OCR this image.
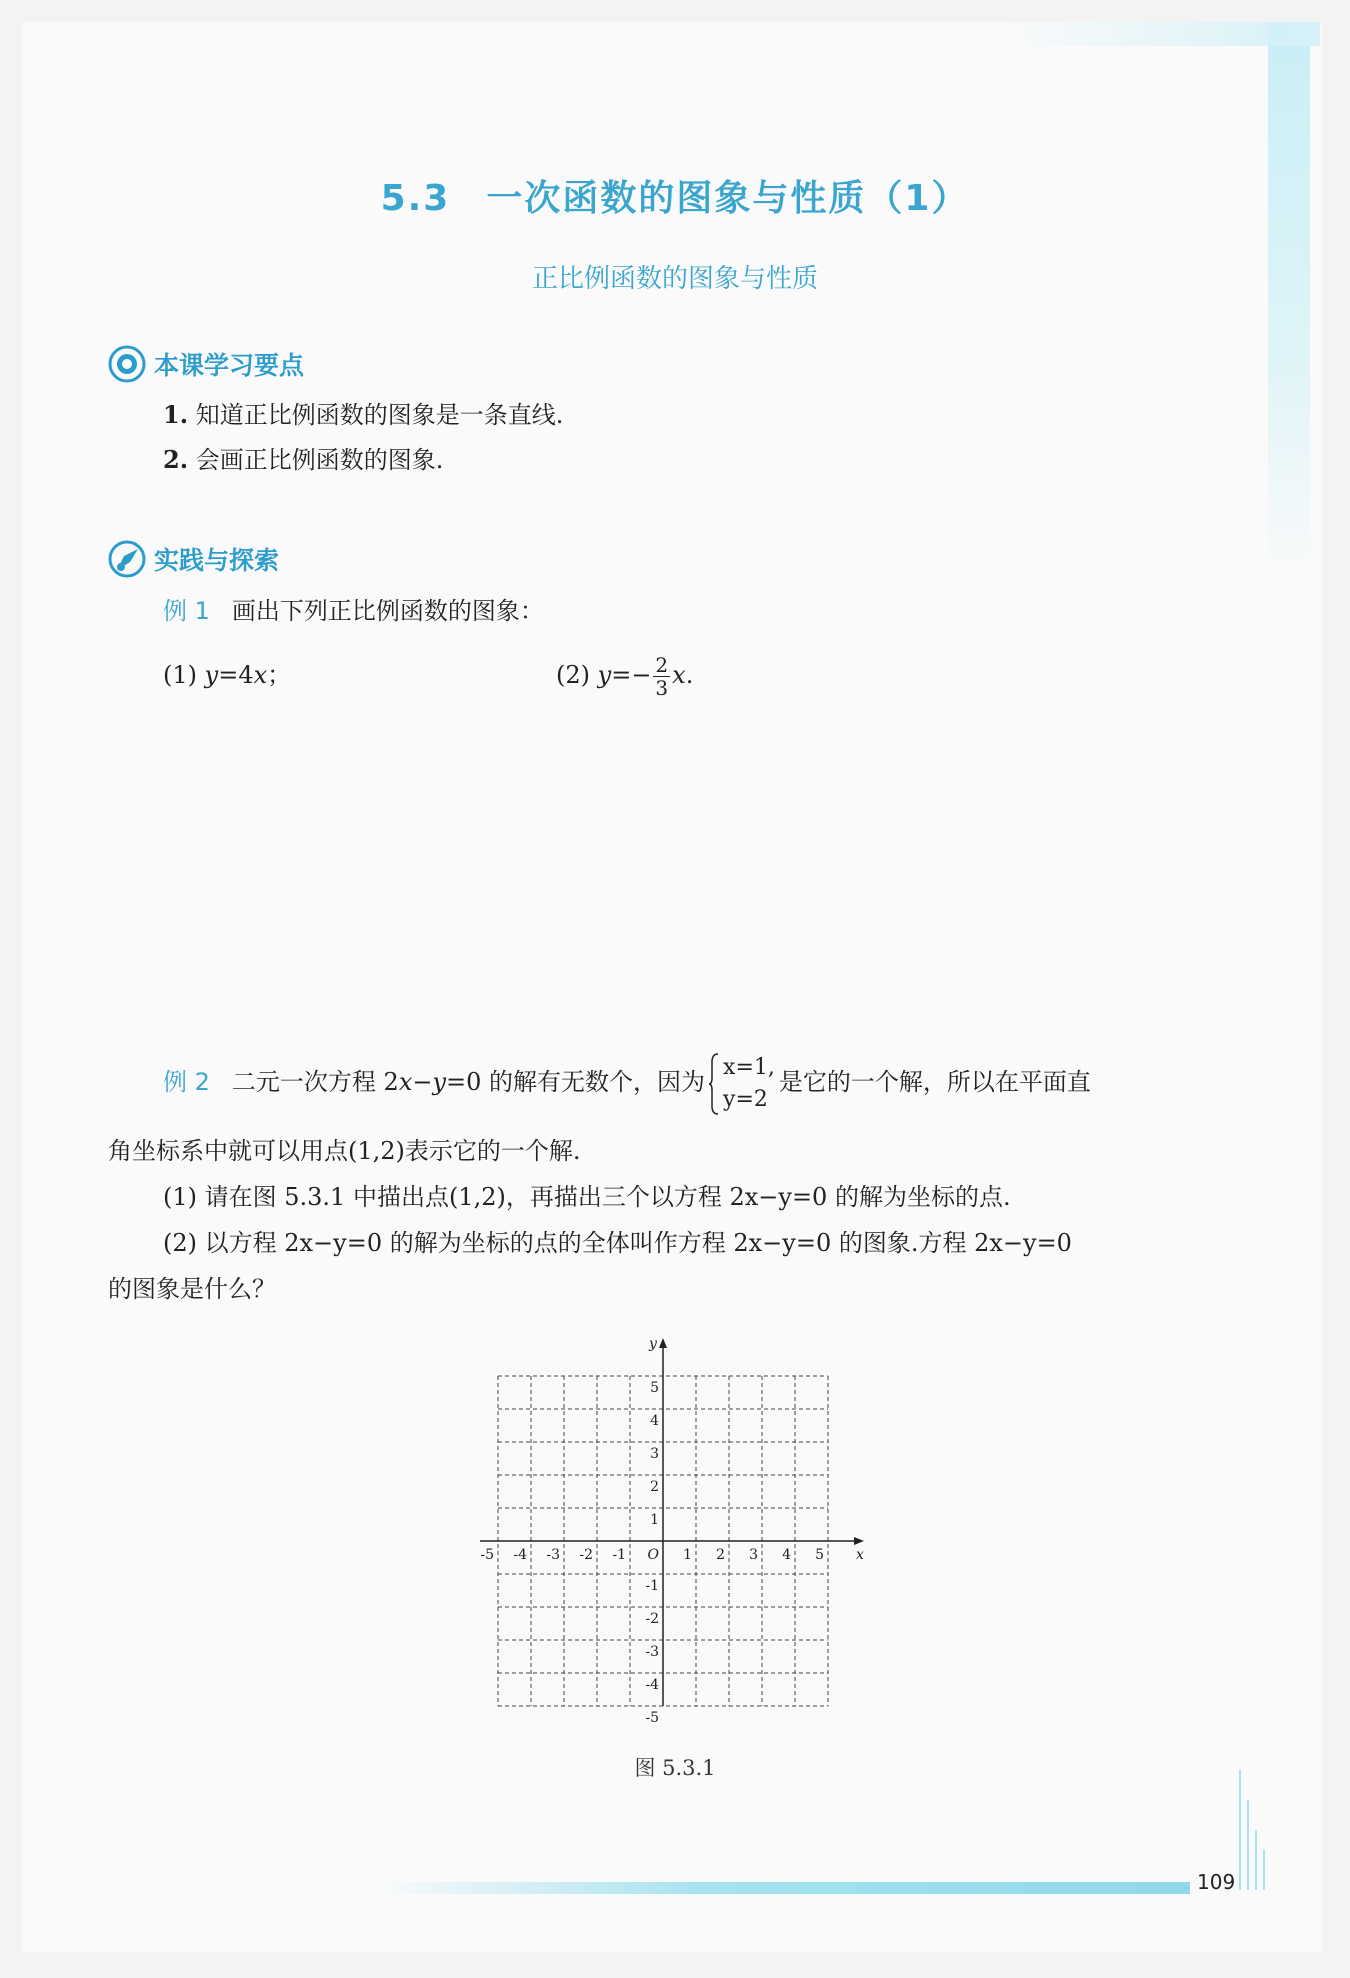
5.3 一次函数的图象与性质（1）
正比例函数的图象与性质
本课学习要点
1. 知道正比例函数的图象是一条直线.
2. 会画正比例函数的图象.
实践与探索
例 1 画出下列正比例函数的图象：
(1) y=4x；	(2) $y=- \frac{2}{3} x$.
例 2 二元一次方程 2x−y=0 的解有无数个，因为
x=1,
y=2
是它的一个解，所以在平面直
角坐标系中就可以用点(1,2)表示它的一个解.
(1) 请在图 5.3.1 中描出点(1,2)，再描出三个以方程 2x−y=0 的解为坐标的点.
(2) 以方程 2x−y=0 的解为坐标的点的全体叫作方程 2x−y=0 的图象.方程 2x−y=0
的图象是什么？
-5 -4 -3 -2 -1	1 2 3 4 5
5
4
3
2
1
-1
-2
-3
-4
-5
O	x
y
图 5.3.1
109
